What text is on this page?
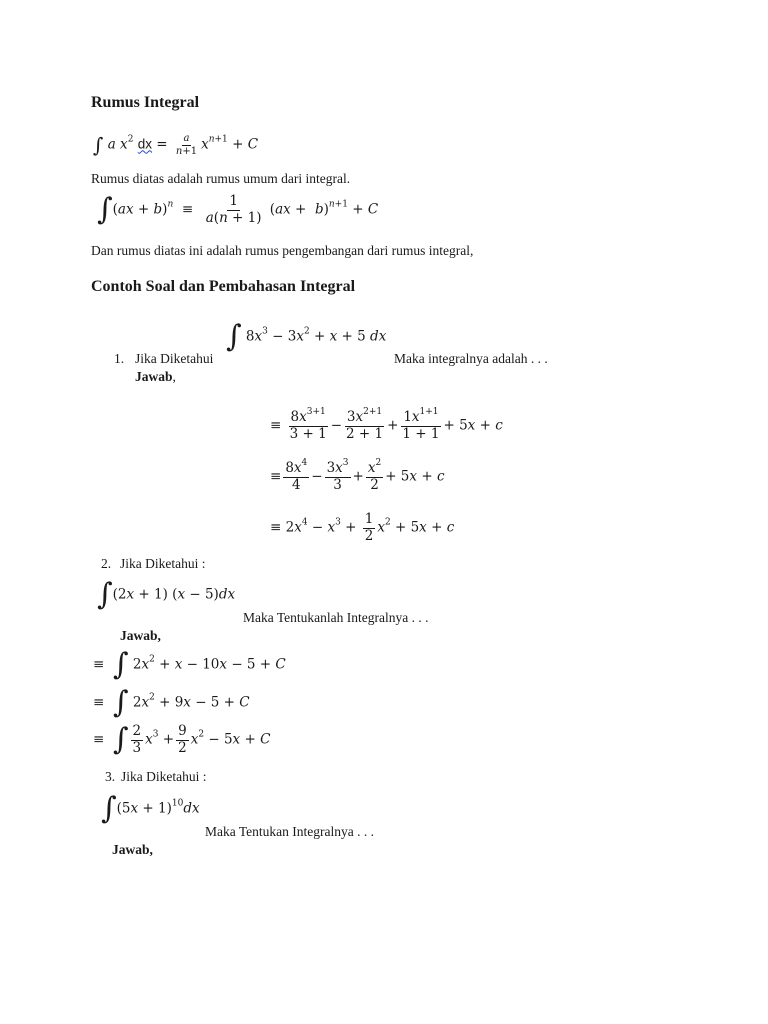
Rumus Integral
∫ a $x^2$ dx = $\frac{a}{n+1} x^{n+1} + C$
Rumus diatas adalah rumus umum dari integral.
$\int(ax + b)^n \equiv \frac{1}{a(n + 1)} (ax + b)^{n+1} + C$
Dan rumus diatas ini adalah rumus pengembangan dari rumus integral,
Contoh Soal dan Pembahasan Integral
∫ $8x^3 - 3x^2 + x + 5$ dx
1. Jika Diketahui	Maka integralnya adalah . . .
Jawab,
≡ $\frac{8x^{3+1}}{3 + 1} - \frac{3x^{2+1}}{2 + 1} + \frac{1x^{1+1}}{1 + 1} + 5x + c$
≡ $\frac{8x^4}{4} - \frac{3x^3}{3} + \frac{x^2}{2} + 5x + c$
≡ $2x^4 - x^3 + \frac{1}{2} x^2 + 5x + c$
2. Jika Diketahui :
∫(2x + 1) (x − 5)dx
Maka Tentukanlah Integralnya . . .
Jawab,
≡  ∫ $2x^2 + x - 10x - 5 + C$
≡  ∫ $2x^2 + 9x - 5 + C$
≡  ∫ $\frac{2}{3} x^3 + \frac{9}{2} x^2 - 5x + C$
3. Jika Diketahui :
$\int(5x + 1)^{10}dx$
Maka Tentukan Integralnya . . .
Jawab,
